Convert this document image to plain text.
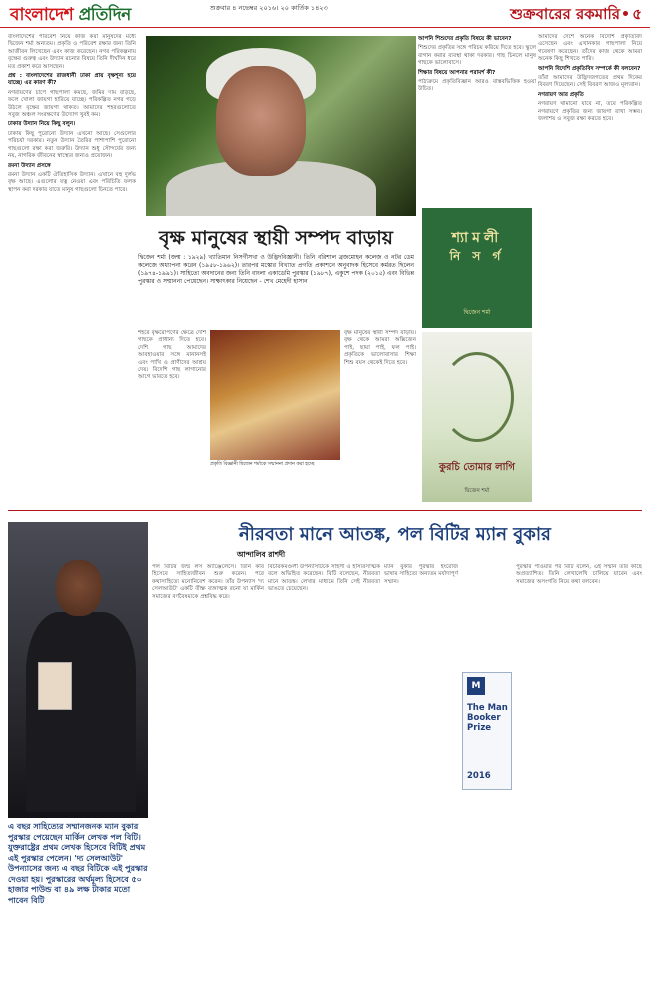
বাংলাদেশ প্রতিদিন	শুক্রবার ৪ নভেম্বর ২০১৬। ২০ কার্তিক ১৪২৩	শুক্রবারের রকমারি ৫
বাংলাদেশের পরিবেশ নিয়ে কাজ করা মানুষদের মধ্যে দ্বিজেন শর্মা অন্যতম। প্রকৃতি ও পরিবেশ রক্ষার জন্য তিনি আজীবন লিখেছেন এবং কাজ করেছেন। নগর পরিকল্পনায় বৃক্ষের গুরুত্ব এবং উদ্যান রচনার বিষয়ে তিনি দীর্ঘদিন ধরে মত প্রকাশ করে আসছেন।
প্রশ্ন : বাংলাদেশের রাজধানী ঢাকা প্রায় বৃক্ষশূন্য হয়ে যাচ্ছে। এর কারণ কী?
নগরায়ণের চাপে গাছপালা কমছে, জমির দাম বাড়ছে, ফলে খোলা জায়গা হারিয়ে যাচ্ছে। পরিকল্পিত নগর গড়ে উঠলে বৃক্ষের জায়গা থাকত। আমাদের শহরগুলোতে সবুজ অঞ্চল সংরক্ষণের উদ্যোগ খুবই কম।
ঢাকার উদ্যান নিয়ে কিছু বলুন।
ঢাকায় কিছু পুরোনো উদ্যান এখনো আছে। সেগুলোর পরিচর্যা দরকার। নতুন উদ্যান তৈরির পাশাপাশি পুরোনো গাছগুলো রক্ষা করা জরুরি। উদ্যান শুধু সৌন্দর্যের জন্য নয়, নাগরিক জীবনের স্বাস্থ্যের জন্যও প্রয়োজন।
রমনা উদ্যান প্রসঙ্গে
রমনা উদ্যান একটি ঐতিহাসিক উদ্যান। এখানে বহু দুর্লভ বৃক্ষ আছে। এগুলোর যত্ন নেওয়া এবং পরিচিতি ফলক স্থাপন করা দরকার যাতে মানুষ গাছগুলো চিনতে পারে।
বৃক্ষ মানুষের স্থায়ী সম্পদ বাড়ায়
দ্বিজেন শর্মা (জন্ম : ১৯২৯) খ্যাতিমান নিসর্গীসখা ও উদ্ভিদবিজ্ঞানী। তিনি বরিশাল ব্রজমোহন কলেজ ও নটর ডেম কলেজে অধ্যাপনা করেন (১৯৫৮-১৯৬২)। তারপর মস্কোর বিখ্যাত প্রগতি প্রকাশনে অনুবাদক হিসেবে কর্মরত ছিলেন (১৯৭৪-১৯৯১)। সাহিত্যে অবদানের জন্য তিনি বাংলা একাডেমি পুরস্কার (১৯৮৭), একুশে পদক (২০১৫) এবং বিভিন্ন পুরস্কার ও সম্মাননা পেয়েছেন। সাক্ষাৎকার নিয়েছেন - শেখ মেহেদী হাসান
শহরে বৃক্ষরোপণের ক্ষেত্রে দেশি গাছকে প্রাধান্য দিতে হবে। দেশি গাছ আমাদের আবহাওয়ার সঙ্গে মানানসই এবং পাখি ও প্রাণীদের আশ্রয় দেয়। বিদেশি গাছ লাগানোর আগে ভাবতে হবে।
প্রকৃতি বিজ্ঞানী দ্বিজেন শর্মাকে সম্মাননা প্রদান করা হচ্ছে
বৃক্ষ মানুষের স্থায়ী সম্পদ বাড়ায়। বৃক্ষ থেকে আমরা অক্সিজেন পাই, ছায়া পাই, ফল পাই। প্রকৃতিকে ভালোবাসার শিক্ষা শিশু বয়স থেকেই দিতে হবে।
আপনি শিশুদের প্রকৃতি বিষয়ে কী ভাবেন?
শিশুদের প্রকৃতির সঙ্গে পরিচয় করিয়ে দিতে হবে। স্কুলে বাগান করার ব্যবস্থা থাকা দরকার। গাছ চিনলে মানুষ গাছকে ভালোবাসে।
শিক্ষার বিষয়ে আপনার পরামর্শ কী?
পাঠ্যক্রমে প্রকৃতিবিজ্ঞান আরও বাস্তবভিত্তিক হওয়া উচিত।
শ্যামলী
নি স র্গ
দ্বিজেন শর্মা
কুরচি তোমার লাগি
দ্বিজেন শর্মা
আমাদের দেশে অনেক বিদেশি প্রকৃতিবিদ এসেছেন এবং এখানকার গাছপালা নিয়ে গবেষণা করেছেন। তাঁদের কাজ থেকে আমরা অনেক কিছু শিখতে পারি।
আপনি বিদেশি প্রকৃতিবিদ সম্পর্কে কী বলবেন?
তাঁরা আমাদের উদ্ভিদজগতের প্রথম দিকের বিবরণ দিয়েছেন। সেই বিবরণ আজও মূল্যবান।
নগরায়ণ আর প্রকৃতি
নগরায়ণ থামানো যাবে না, তবে পরিকল্পিত নগরায়ণে প্রকৃতির জন্য জায়গা রাখা সম্ভব। জলাশয় ও সবুজ রক্ষা করতে হবে।
এ বছর সাহিত্যের সম্মানজনক ম্যান বুকার পুরস্কার পেয়েছেন মার্কিন লেখক পল বিটি। যুক্তরাষ্ট্রের প্রথম লেখক হিসেবে বিটিই প্রথম এই পুরস্কার পেলেন। 'দ্য সেলআউট' উপন্যাসের জন্য এ বছর বিটিকে এই পুরস্কার দেওয়া হয়। পুরস্কারের অর্থমূল্য হিসেবে ৫০ হাজার পাউন্ড বা ৪৯ লক্ষ টাকার মতো পাবেন বিটি
নীরবতা মানে আতঙ্ক, পল বিটির ম্যান বুকার
আন্দালিব রাশদী
পল বিটির জন্ম লস অ্যাঞ্জেলেসে। তিনি কবি হিসেবে সাহিত্যজীবন শুরু করেন। পরে কথাসাহিত্যে মনোনিবেশ করেন। তাঁর উপন্যাস 'দ্য সেলআউট' একটি তীক্ষ্ণ ব্যঙ্গাত্মক রচনা যা মার্কিন সমাজের বর্ণবৈষম্যকে প্রশ্নবিদ্ধ করে।
বিচারকমণ্ডলী উপন্যাসটিকে সাহসী ও হাস্যরসাত্মক বলে অভিহিত করেছেন। বিটি বলেছেন, নীরবতা মানে আতঙ্ক। লেখার মাধ্যমে তিনি সেই নীরবতা ভাঙতে চেয়েছেন।
ম্যান বুকার পুরস্কার ইংরেজি ভাষার সাহিত্যে অন্যতম মর্যাদাপূর্ণ সম্মান।
M
The Man Booker Prize
2016
পুরস্কার পাওয়ার পর বিটি বলেন, এই সম্মান তাঁর কাছে অপ্রত্যাশিত। তিনি লেখালেখি চালিয়ে যাবেন এবং সমাজের অসংগতি নিয়ে কথা বলবেন।
